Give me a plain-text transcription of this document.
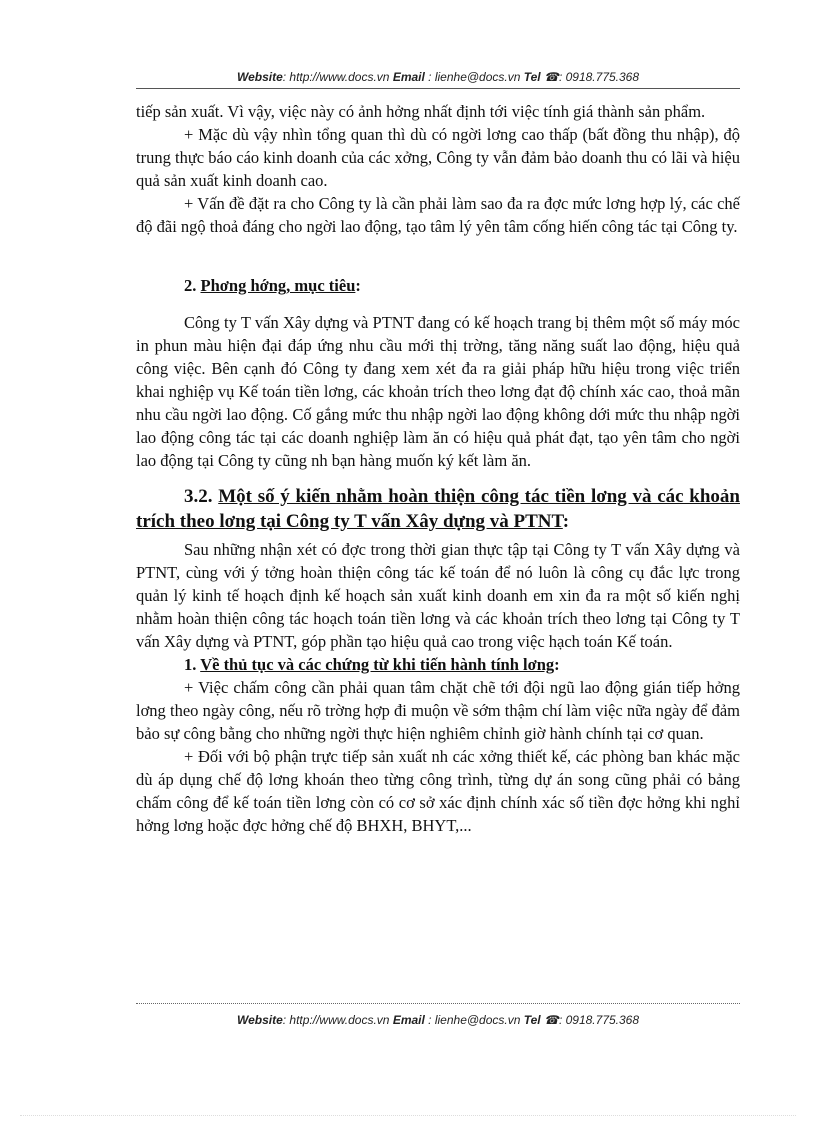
Website: http://www.docs.vn Email : lienhe@docs.vn Tel ☎: 0918.775.368

tiếp sản xuất. Vì vậy, việc này có ảnh hởng nhất định tới việc tính giá thành sản phẩm.

+ Mặc dù vậy nhìn tổng quan thì dù có ngời lơng cao thấp (bất đồng thu nhập), độ trung thực báo cáo kinh doanh của các xởng, Công ty vẫn đảm bảo doanh thu có lãi và hiệu quả sản xuất kinh doanh cao.

+ Vấn đề đặt ra cho Công ty là cần phải làm sao đa ra đợc mức lơng hợp lý, các chế độ đãi ngộ thoả đáng cho ngời lao động, tạo tâm lý yên tâm cống hiến công tác tại Công ty.

2. Phơng hớng, mục tiêu:

Công ty T vấn Xây dựng và PTNT đang có kế hoạch trang bị thêm một số máy móc in phun màu hiện đại đáp ứng nhu cầu mới thị trờng, tăng năng suất lao động, hiệu quả công việc. Bên cạnh đó Công ty đang xem xét đa ra giải pháp hữu hiệu trong việc triển khai nghiệp vụ Kế toán tiền lơng, các khoản trích theo lơng đạt độ chính xác cao, thoả mãn nhu cầu ngời lao động. Cố gắng mức thu nhập ngời lao động không dới mức thu nhập ngời lao động công tác tại các doanh nghiệp làm ăn có hiệu quả phát đạt, tạo yên tâm cho ngời lao động tại Công ty cũng nh bạn hàng muốn ký kết làm ăn.

3.2. Một số ý kiến nhằm hoàn thiện công tác tiền lơng và các khoản trích theo lơng tại Công ty T vấn Xây dựng và PTNT:

Sau những nhận xét có đợc trong thời gian thực tập tại Công ty T vấn Xây dựng và PTNT, cùng với ý tởng hoàn thiện công tác kế toán để nó luôn là công cụ đắc lực trong quản lý kinh tế hoạch định kế hoạch sản xuất kinh doanh em xin đa ra một số kiến nghị nhằm hoàn thiện công tác hoạch toán tiền lơng và các khoản trích theo lơng tại Công ty T vấn Xây dựng và PTNT, góp phần tạo hiệu quả cao trong việc hạch toán Kế toán.

1. Về thủ tục và các chứng từ khi tiến hành tính lơng:

+ Việc chấm công cần phải quan tâm chặt chẽ tới đội ngũ lao động gián tiếp hởng lơng theo ngày công, nếu rõ trờng hợp đi muộn về sớm thậm chí làm việc nữa ngày để đảm bảo sự công bằng cho những ngời thực hiện nghiêm chỉnh giờ hành chính tại cơ quan.

+ Đối với bộ phận trực tiếp sản xuất nh các xởng thiết kế, các phòng ban khác mặc dù áp dụng chế độ lơng khoán theo từng công trình, từng dự án song cũng phải có bảng chấm công để kế toán tiền lơng còn có cơ sở xác định chính xác số tiền đợc hởng khi nghỉ hởng lơng hoặc đợc hởng chế độ BHXH, BHYT,...

Website: http://www.docs.vn Email : lienhe@docs.vn Tel ☎: 0918.775.368
